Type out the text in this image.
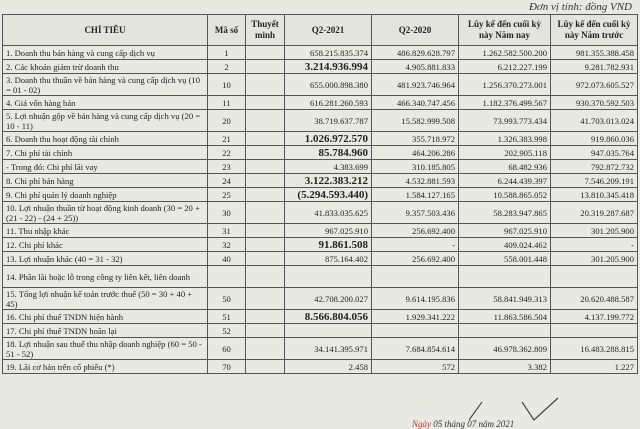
Đơn vị tính: đồng VND
CHỈ TIÊU	Mã số	Thuyết minh	Q2-2021	Q2-2020	Lũy kế đến cuối kỳ này Năm nay	Lũy kế đến cuối kỳ này Năm trước
1. Doanh thu bán hàng và cung cấp dịch vụ	1		658.215.835.374	486.829.628.797	1.262.582.500.200	981.355.388.458
2. Các khoản giảm trừ doanh thu	2		3.214.936.994	4.905.881.833	6.212.227.199	9.281.782.931
3. Doanh thu thuần về bán hàng và cung cấp dịch vụ (10 = 01 - 02)	10		655.000.898.380	481.923.746.964	1.256.370.273.001	972.073.605.527
4. Giá vốn hàng bán	11		616.281.260.593	466.340.747.456	1.182.376.499.567	930.370.592.503
5. Lợi nhuận gộp về bán hàng và cung cấp dịch vụ (20 = 10 - 11)	20		38.719.637.787	15.582.999.508	73.993.773.434	41.703.013.024
6. Doanh thu hoạt động tài chính	21		1.026.972.570	355.718.972	1.326.383.998	919.860.036
7. Chi phí tài chính	22		85.784.960	464.206.286	202.905.118	947.035.764
- Trong đó: Chi phí lãi vay	23		4.383.699	310.185.805	68.482.936	792.872.732
8. Chi phí bán hàng	24		3.122.383.212	4.532.881.593	6.244.439.397	7.546.209.191
9. Chi phí quản lý doanh nghiệp	25		(5.294.593.440)	1.584.127.165	10.588.865.052	13.810.345.418
10. Lợi nhuận thuần từ hoạt động kinh doanh (30 = 20 + (21 - 22) - (24 + 25))	30		41.833.035.625	9.357.503.436	58.283.947.865	20.319.287.687
11. Thu nhập khác	31		967.025.910	256.692.400	967.025.910	301.205.900
12. Chi phí khác	32		91.861.508	-	409.024.462	-
13. Lợi nhuận khác (40 = 31 - 32)	40		875.164.402	256.692.400	558.001.448	301.205.900
14. Phần lãi hoặc lỗ trong công ty liên kết, liên doanh						
15. Tổng lợi nhuận kế toán trước thuế (50 = 30 + 40 + 45)	50		42.708.200.027	9.614.195.836	58.841.949.313	20.620.488.587
16. Chi phí thuế TNDN hiện hành	51		8.566.804.056	1.929.341.222	11.863.586.504	4.137.199.772
17. Chi phí thuế TNDN hoãn lại	52					
18. Lợi nhuận sau thuế thu nhập doanh nghiệp (60 = 50 - 51 - 52)	60		34.141.395.971	7.684.854.614	46.978.362.809	16.483.288.815
19. Lãi cơ bản trên cổ phiếu (*)	70		2.458	572	3.382	1.227
Ngày 05 tháng 07 năm 2021
